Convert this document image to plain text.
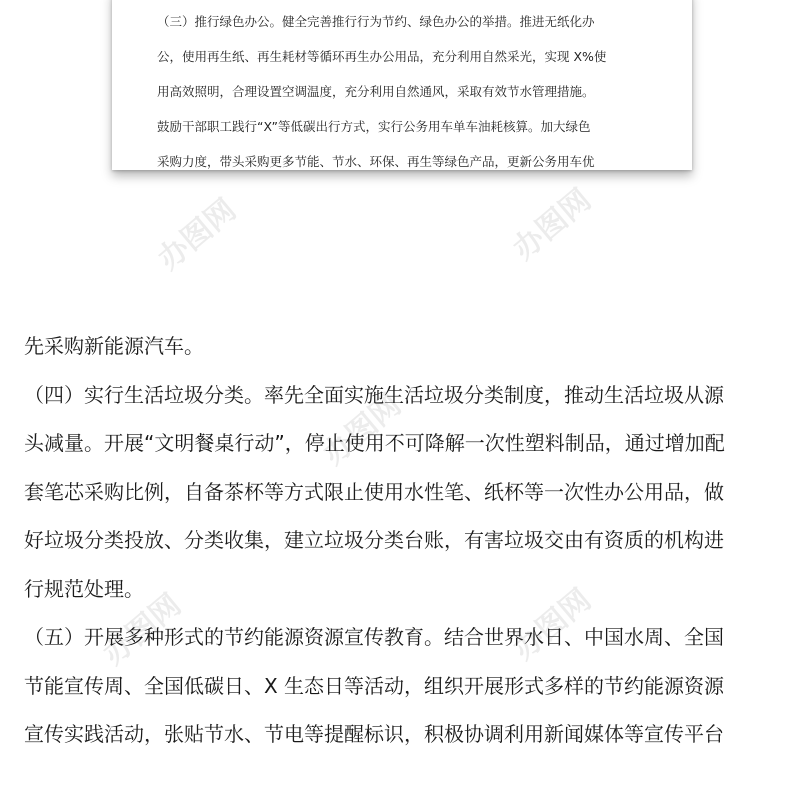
（三）推行绿色办公。健全完善推行行为节约、绿色办公的举措。推进无纸化办
公，使用再生纸、再生耗材等循环再生办公用品，充分利用自然采光，实现 X%使
用高效照明，合理设置空调温度，充分利用自然通风，采取有效节水管理措施。
鼓励干部职工践行“X”等低碳出行方式，实行公务用车单车油耗核算。加大绿色
采购力度，带头采购更多节能、节水、环保、再生等绿色产品，更新公务用车优

办图网	办图网
办图网
办图网	办图网

先采购新能源汽车。

（四）实行生活垃圾分类。率先全面实施生活垃圾分类制度，推动生活垃圾从源
头减量。开展“文明餐桌行动”，停止使用不可降解一次性塑料制品，通过增加配
套笔芯采购比例，自备茶杯等方式限止使用水性笔、纸杯等一次性办公用品，做
好垃圾分类投放、分类收集，建立垃圾分类台账，有害垃圾交由有资质的机构进
行规范处理。

（五）开展多种形式的节约能源资源宣传教育。结合世界水日、中国水周、全国
节能宣传周、全国低碳日、X 生态日等活动，组织开展形式多样的节约能源资源
宣传实践活动，张贴节水、节电等提醒标识，积极协调利用新闻媒体等宣传平台
